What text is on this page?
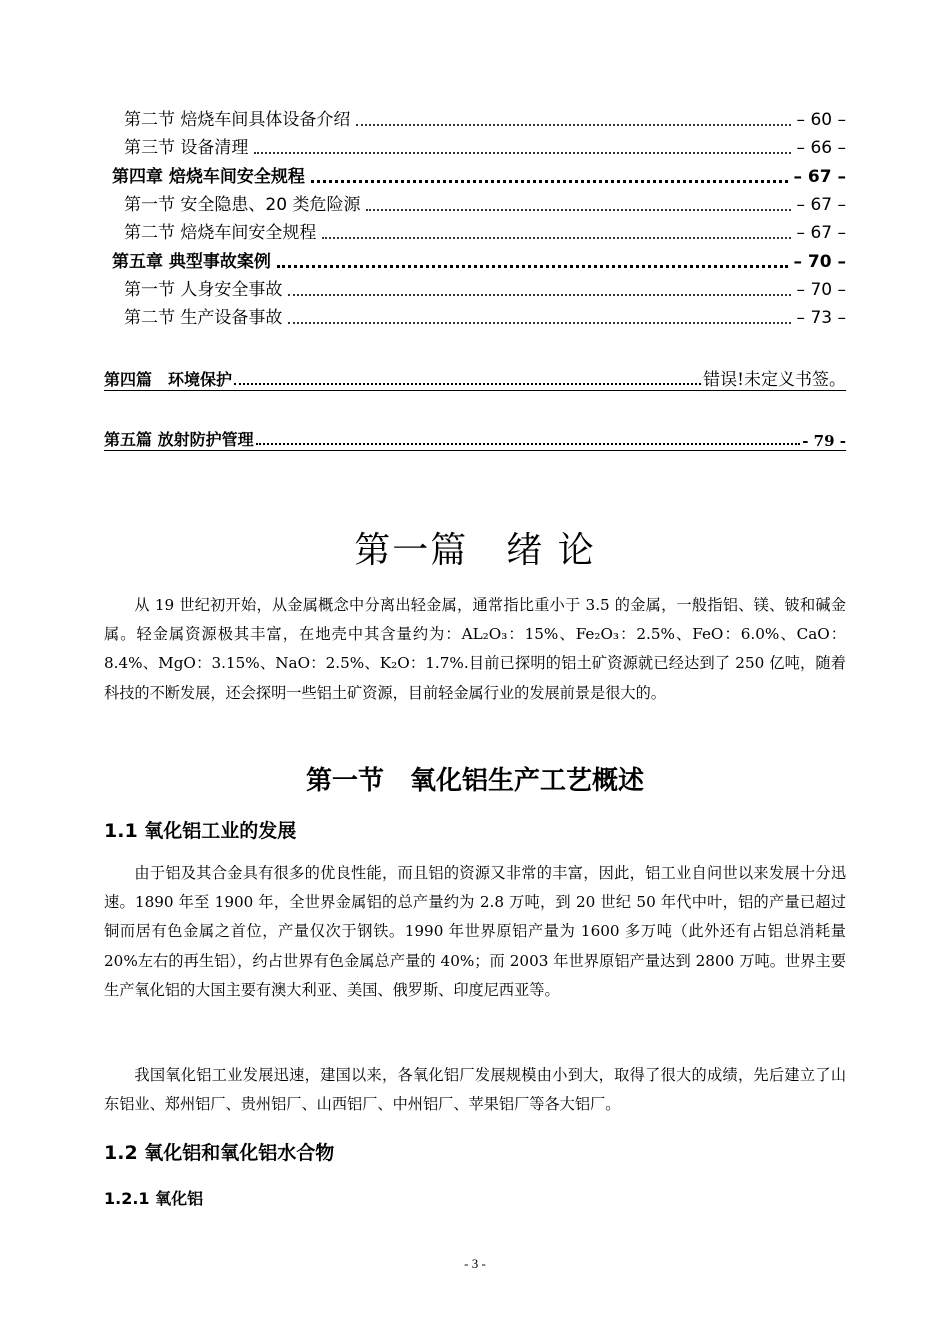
第二节 焙烧车间具体设备介绍	– 60 –
第三节 设备清理	– 66 –
第四章 焙烧车间安全规程	– 67 –
第一节 安全隐患、20 类危险源	– 67 –
第二节 焙烧车间安全规程	– 67 –
第五章 典型事故案例	– 70 –
第一节 人身安全事故	– 70 –
第二节 生产设备事故	– 73 –
第四篇　环境保护	错误!未定义书签。
第五篇 放射防护管理	- 79 -
第一篇　绪 论

从 19 世纪初开始，从金属概念中分离出轻金属，通常指比重小于 3.5 的金属，一般指铝、镁、铍和碱金属。轻金属资源极其丰富，在地壳中其含量约为：AL₂O₃：15%、Fe₂O₃：2.5%、FeO：6.0%、CaO：8.4%、MgO：3.15%、NaO：2.5%、K₂O：1.7%.目前已探明的铝土矿资源就已经达到了 250 亿吨，随着科技的不断发展，还会探明一些铝土矿资源，目前轻金属行业的发展前景是很大的。

第一节　氧化铝生产工艺概述
1.1 氧化铝工业的发展

由于铝及其合金具有很多的优良性能，而且铝的资源又非常的丰富，因此，铝工业自问世以来发展十分迅速。1890 年至 1900 年，全世界金属铝的总产量约为 2.8 万吨，到 20 世纪 50 年代中叶，铝的产量已超过铜而居有色金属之首位，产量仅次于钢铁。1990 年世界原铝产量为 1600 多万吨（此外还有占铝总消耗量 20%左右的再生铝），约占世界有色金属总产量的 40%；而 2003 年世界原铝产量达到 2800 万吨。世界主要生产氧化铝的大国主要有澳大利亚、美国、俄罗斯、印度尼西亚等。

我国氧化铝工业发展迅速，建国以来，各氧化铝厂发展规模由小到大，取得了很大的成绩，先后建立了山东铝业、郑州铝厂、贵州铝厂、山西铝厂、中州铝厂、苹果铝厂等各大铝厂。

1.2 氧化铝和氧化铝水合物
1.2.1 氧化铝
- 3 -
